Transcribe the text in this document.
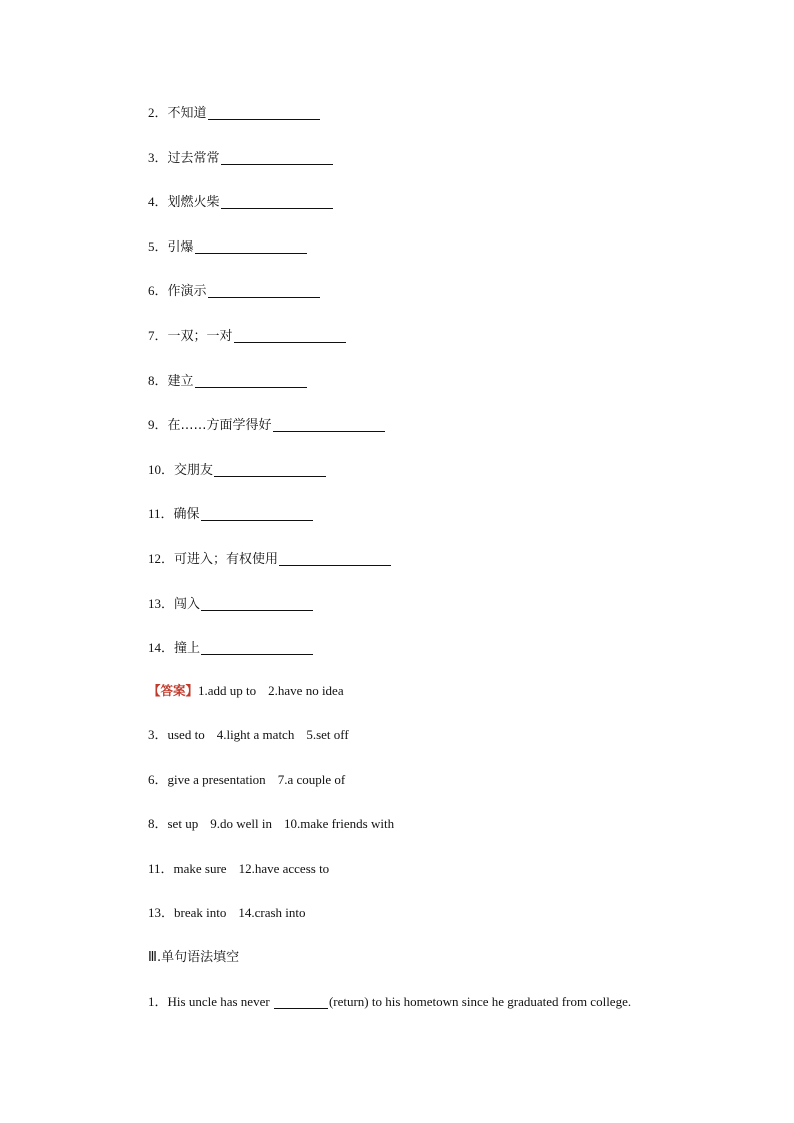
2．不知道
3．过去常常
4．划燃火柴
5．引爆
6．作演示
7．一双；一对
8．建立
9．在……方面学得好
10．交朋友
11．确保
12．可进入；有权使用
13．闯入
14．撞上
【答案】1.add up to 2.have no idea
3．used to 4.light a match 5.set off
6．give a presentation 7.a couple of
8．set up 9.do well in 10.make friends with
11．make sure 12.have access to
13．break into 14.crash into
Ⅲ.单句语法填空
1．His uncle has never	(return) to his hometown since he graduated from college.
